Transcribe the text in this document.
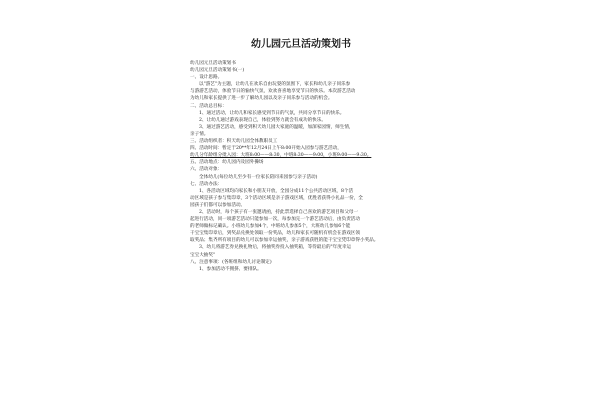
幼儿园元旦活动策划书

幼儿园元旦活动策划书

幼儿园元旦活动策划书(一)

一、设计思路。

以"游艺"为主题，让幼儿在欢乐自由玩耍的氛围下，家长和幼儿亲子同乐参

与游游艺活动，体验节日的愉快气氛，欢欢喜喜地享受节日的快乐。本次游艺活动

为幼儿和家长提供了进一步了解幼儿园以及亲子同乐参与活动的机会。

二、活动总目标：

1、通过活动，让幼儿和家长感受到节日的气氛，共同分享节日的快乐。

2、让幼儿通过游戏表现自己，体验到努力就会有成功的快乐。

3、通过游艺活动，感受到积天幼儿园大家庭的温暖，加深家园情，师生情，

亲子情。

三、活动组织者：积天幼儿园全体教职员工

四、活动时间：暂定于20**年12月24日上午8:00开始入园参与游艺活动，

幼儿分年龄组分批入园：大班8:00——8:30，中班8:30——9:00，小班9:00——9:30。

五、活动地点：幼儿园内及园外操场

六、活动对象：

全体幼儿(每位幼儿至少有一位家长陪同来园参与亲子活动)

七、活动办法：

1、各活动区域均向家长和小朋友开放，全园分成11个公共活动区域，8个活

动区域是孩子参与集印章，3个活动区域是亲子游戏区域，优胜者获得小礼品一份，全

园孩子们都可以参加活动。

2、活动时，每个孩子有一张邀请函，持此票选择自己喜欢的游艺项目和父母一

起进行活动，同一项游艺活动只能参加一次，每参加完一个游艺活动后，由负责活动

的老师做标记确认。小班幼儿参加4个，中班幼儿参加5个，大班幼儿参加6个能

干宝宝集印章后，到奖品兑换处领取一份奖品，幼儿和家长可随机有机会在游戏区领

取奖品；集齐所有项目的幼儿可以参加幸运抽奖，亲子游戏获胜的能干宝宝凭印章得小奖品。

3、幼儿将游艺券兑换礼物后，将抽奖券投入抽奖箱，等待最后的"年度幸运

宝宝大抽奖"

八、注意事项：(各班组和幼儿讨论制定)

1、参加活动不拥挤、要排队。
